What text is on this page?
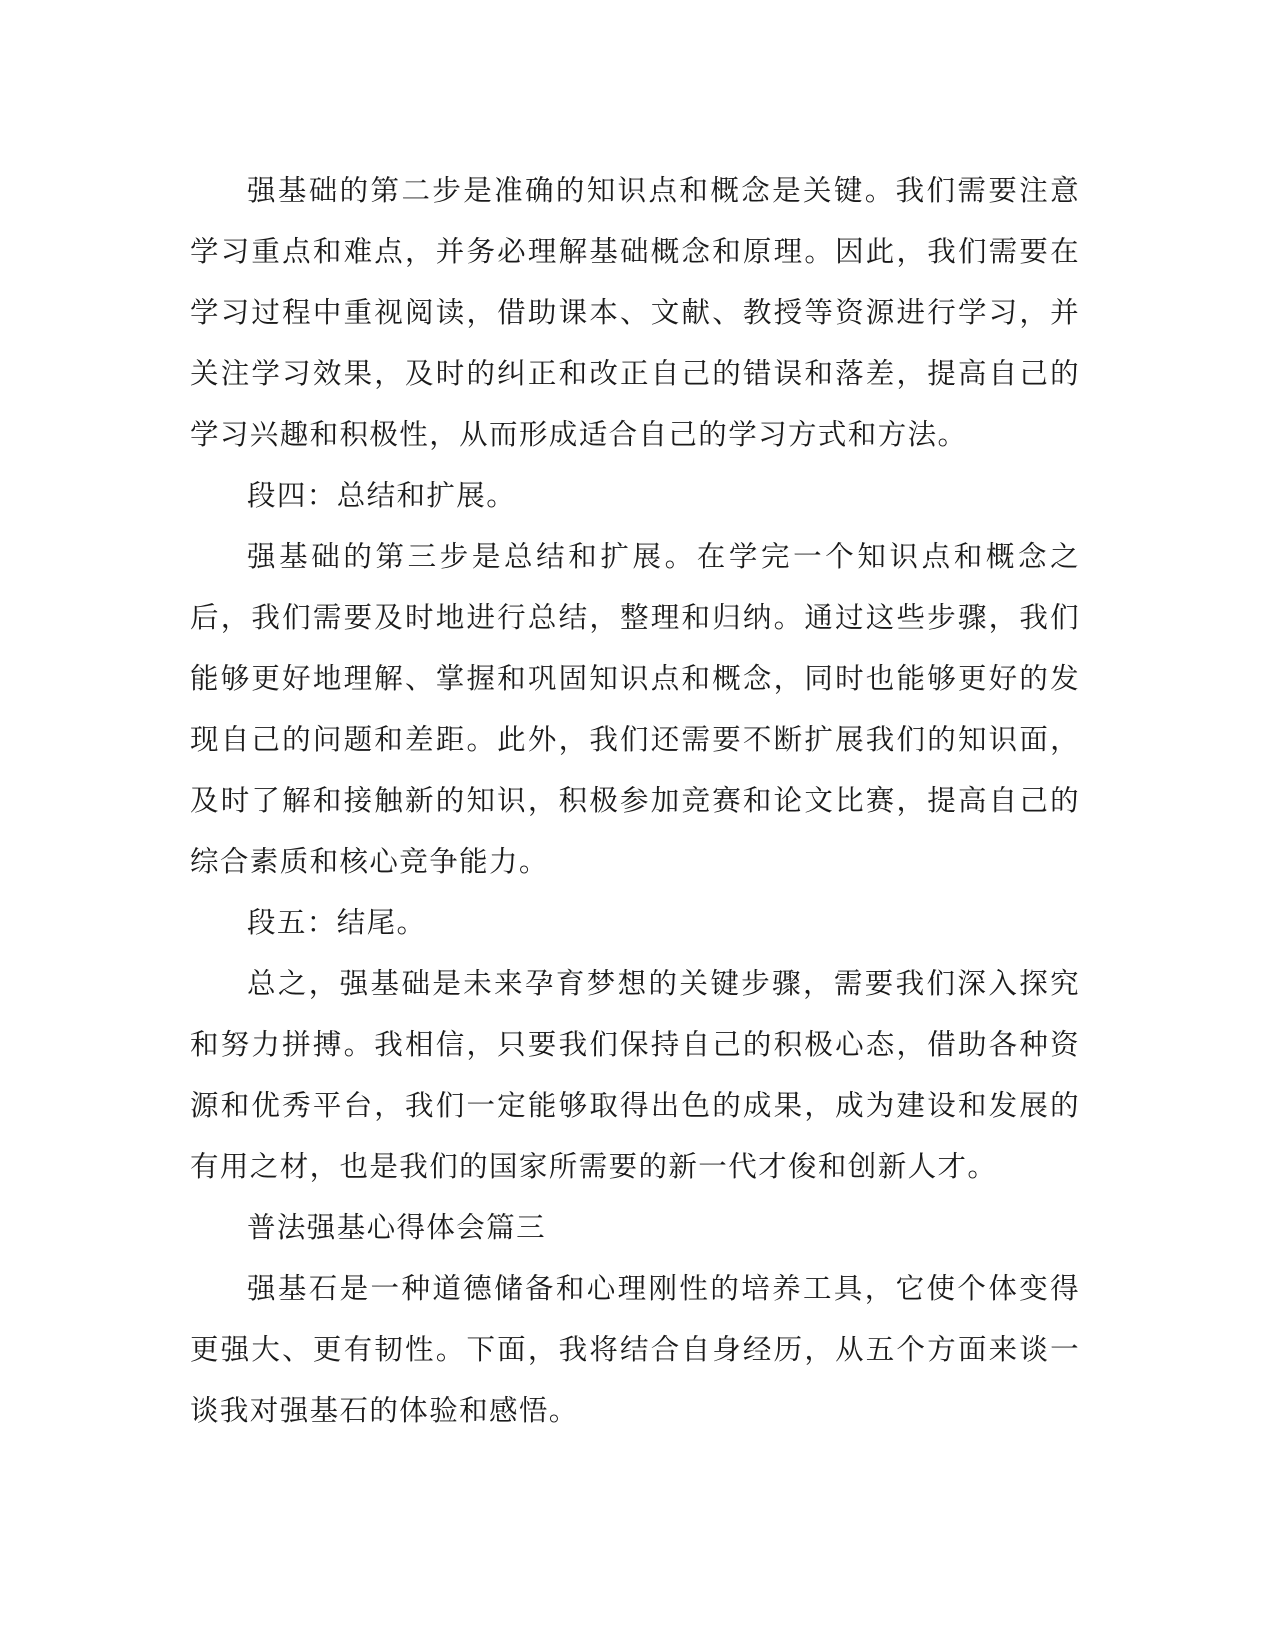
强基础的第二步是准确的知识点和概念是关键。我们需要注意学习重点和难点，并务必理解基础概念和原理。因此，我们需要在学习过程中重视阅读，借助课本、文献、教授等资源进行学习，并关注学习效果，及时的纠正和改正自己的错误和落差，提高自己的学习兴趣和积极性，从而形成适合自己的学习方式和方法。

段四：总结和扩展。

强基础的第三步是总结和扩展。在学完一个知识点和概念之后，我们需要及时地进行总结，整理和归纳。通过这些步骤，我们能够更好地理解、掌握和巩固知识点和概念，同时也能够更好的发现自己的问题和差距。此外，我们还需要不断扩展我们的知识面，及时了解和接触新的知识，积极参加竞赛和论文比赛，提高自己的综合素质和核心竞争能力。

段五：结尾。

总之，强基础是未来孕育梦想的关键步骤，需要我们深入探究和努力拼搏。我相信，只要我们保持自己的积极心态，借助各种资源和优秀平台，我们一定能够取得出色的成果，成为建设和发展的有用之材，也是我们的国家所需要的新一代才俊和创新人才。

普法强基心得体会篇三

强基石是一种道德储备和心理刚性的培养工具，它使个体变得更强大、更有韧性。下面，我将结合自身经历，从五个方面来谈一谈我对强基石的体验和感悟。
